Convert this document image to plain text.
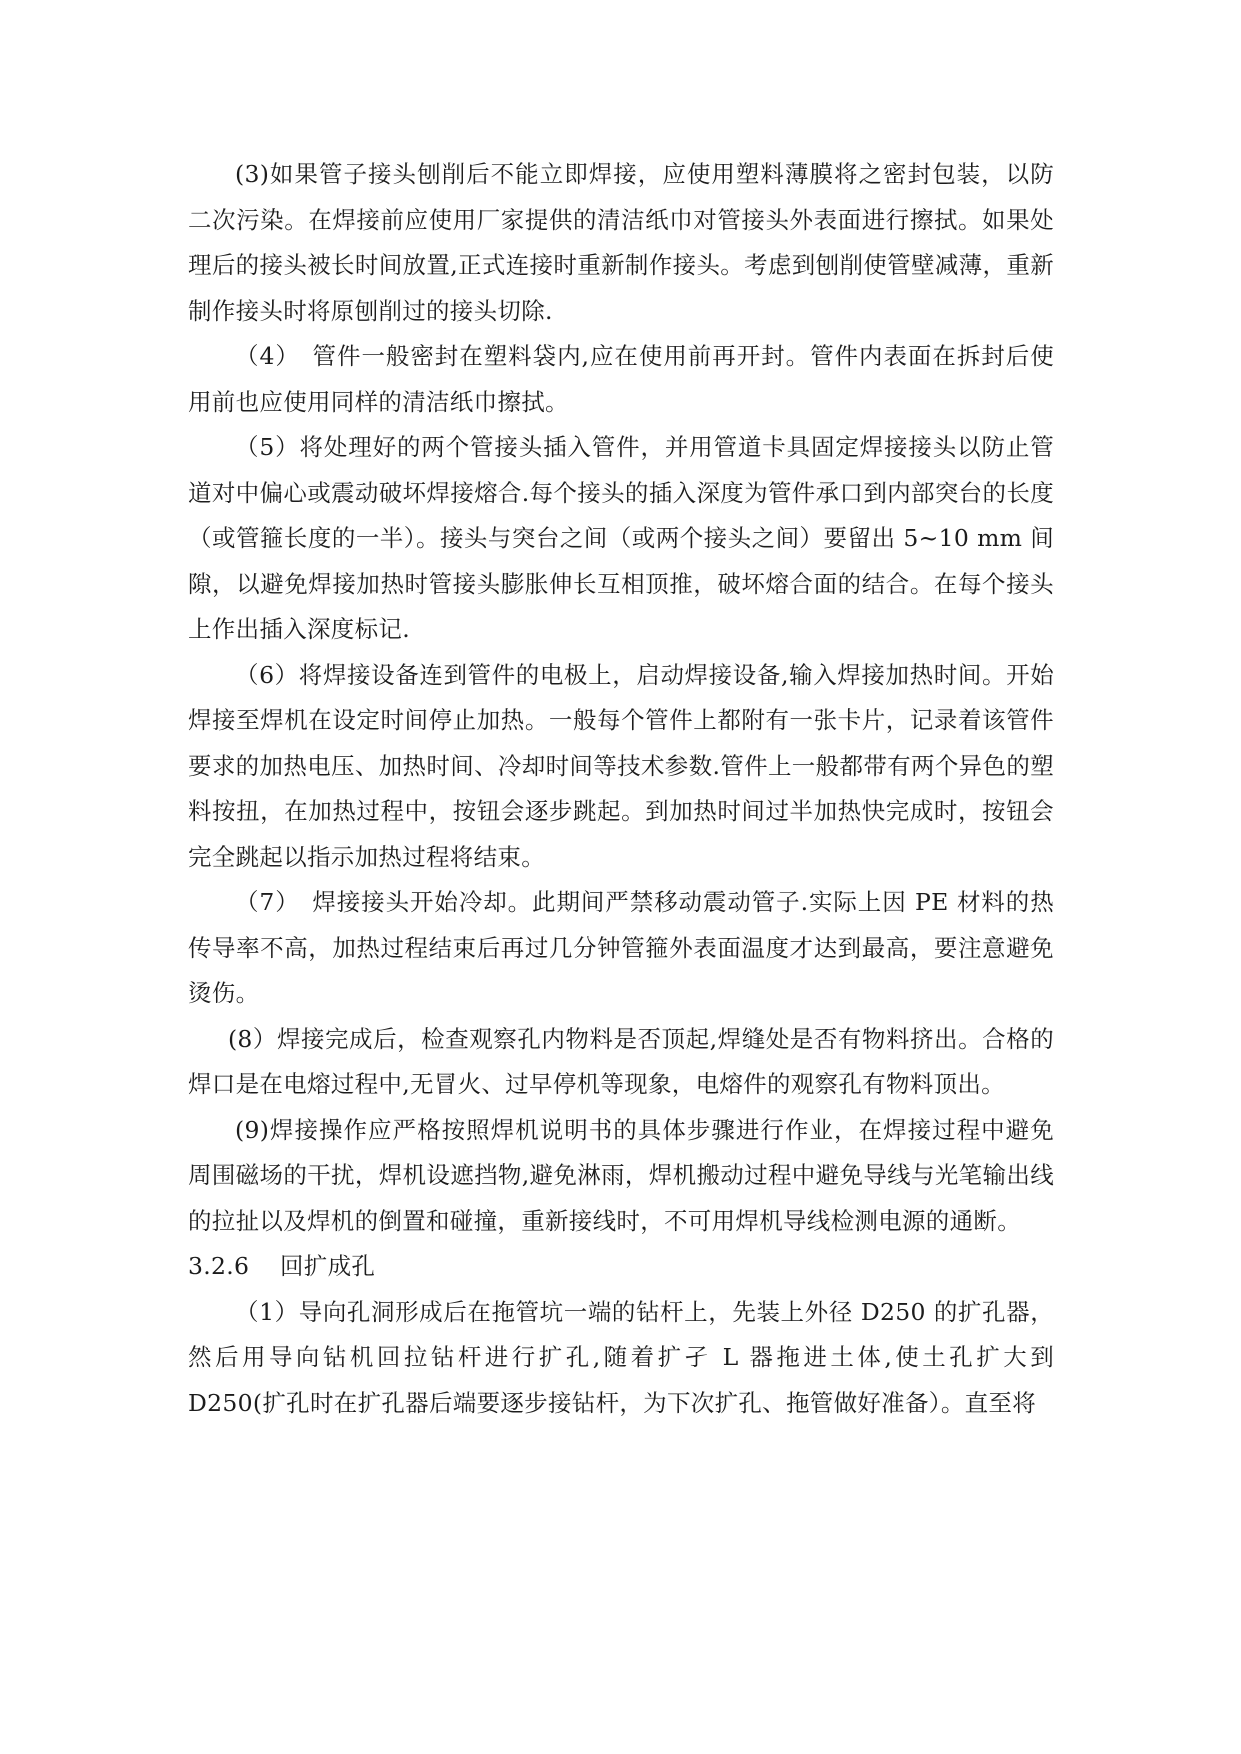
(3)如果管子接头刨削后不能立即焊接，应使用塑料薄膜将之密封包装，以防二次污染。在焊接前应使用厂家提供的清洁纸巾对管接头外表面进行擦拭。如果处理后的接头被长时间放置,正式连接时重新制作接头。考虑到刨削使管壁减薄，重新制作接头时将原刨削过的接头切除.

（4）　管件一般密封在塑料袋内,应在使用前再开封。管件内表面在拆封后使用前也应使用同样的清洁纸巾擦拭。

（5）将处理好的两个管接头插入管件，并用管道卡具固定焊接接头以防止管道对中偏心或震动破坏焊接熔合.每个接头的插入深度为管件承口到内部突台的长度（或管箍长度的一半）。接头与突台之间（或两个接头之间）要留出 5~10 mm 间隙，以避免焊接加热时管接头膨胀伸长互相顶推，破坏熔合面的结合。在每个接头上作出插入深度标记.

（6）将焊接设备连到管件的电极上，启动焊接设备,输入焊接加热时间。开始焊接至焊机在设定时间停止加热。一般每个管件上都附有一张卡片，记录着该管件要求的加热电压、加热时间、冷却时间等技术参数.管件上一般都带有两个异色的塑料按扭，在加热过程中，按钮会逐步跳起。到加热时间过半加热快完成时，按钮会完全跳起以指示加热过程将结束。

（7）　焊接接头开始冷却。此期间严禁移动震动管子.实际上因 PE 材料的热传导率不高，加热过程结束后再过几分钟管箍外表面温度才达到最高，要注意避免烫伤。

(8）焊接完成后，检查观察孔内物料是否顶起,焊缝处是否有物料挤出。合格的焊口是在电熔过程中,无冒火、过早停机等现象，电熔件的观察孔有物料顶出。

(9)焊接操作应严格按照焊机说明书的具体步骤进行作业，在焊接过程中避免周围磁场的干扰，焊机设遮挡物,避免淋雨，焊机搬动过程中避免导线与光笔输出线的拉扯以及焊机的倒置和碰撞，重新接线时，不可用焊机导线检测电源的通断。

3.2.6 回扩成孔

（1）导向孔洞形成后在拖管坑一端的钻杆上，先装上外径 D250 的扩孔器，然后用导向钻机回拉钻杆进行扩孔,随着扩孑 L 器拖进土体,使土孔扩大到 D250(扩孔时在扩孔器后端要逐步接钻杆，为下次扩孔、拖管做好准备）。直至将
